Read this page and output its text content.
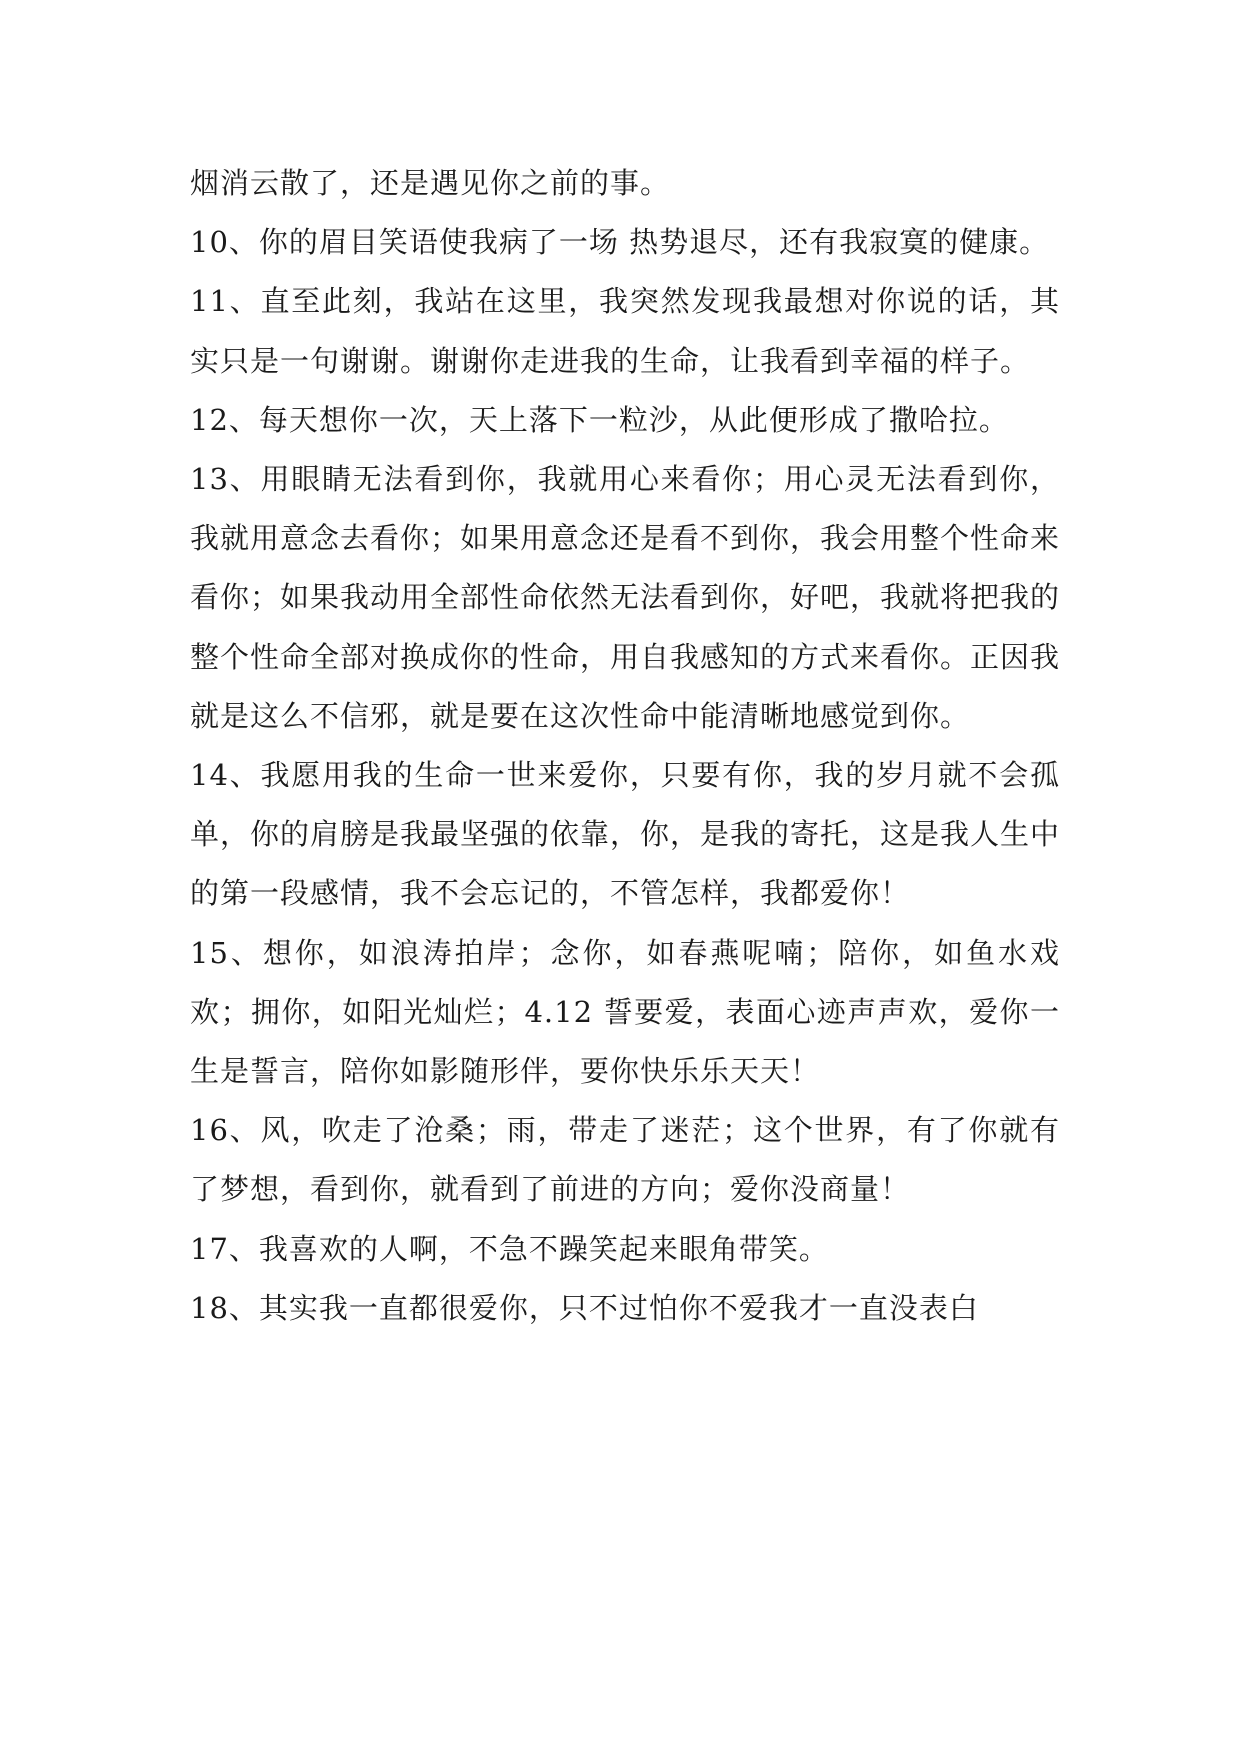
烟消云散了，还是遇见你之前的事。

10、你的眉目笑语使我病了一场 热势退尽，还有我寂寞的健康。

11、直至此刻，我站在这里，我突然发现我最想对你说的话，其实只是一句谢谢。谢谢你走进我的生命，让我看到幸福的样子。

12、每天想你一次，天上落下一粒沙，从此便形成了撒哈拉。

13、用眼睛无法看到你，我就用心来看你；用心灵无法看到你，我就用意念去看你；如果用意念还是看不到你，我会用整个性命来看你；如果我动用全部性命依然无法看到你，好吧，我就将把我的整个性命全部对换成你的性命，用自我感知的方式来看你。正因我就是这么不信邪，就是要在这次性命中能清晰地感觉到你。

14、我愿用我的生命一世来爱你，只要有你，我的岁月就不会孤单，你的肩膀是我最坚强的依靠，你，是我的寄托，这是我人生中的第一段感情，我不会忘记的，不管怎样，我都爱你！

15、想你，如浪涛拍岸；念你，如春燕呢喃；陪你，如鱼水戏欢；拥你，如阳光灿烂；4.12 誓要爱，表面心迹声声欢，爱你一生是誓言，陪你如影随形伴，要你快乐乐天天！

16、风，吹走了沧桑；雨，带走了迷茫；这个世界，有了你就有了梦想，看到你，就看到了前进的方向；爱你没商量！

17、我喜欢的人啊，不急不躁笑起来眼角带笑。

18、其实我一直都很爱你，只不过怕你不爱我才一直没表白
